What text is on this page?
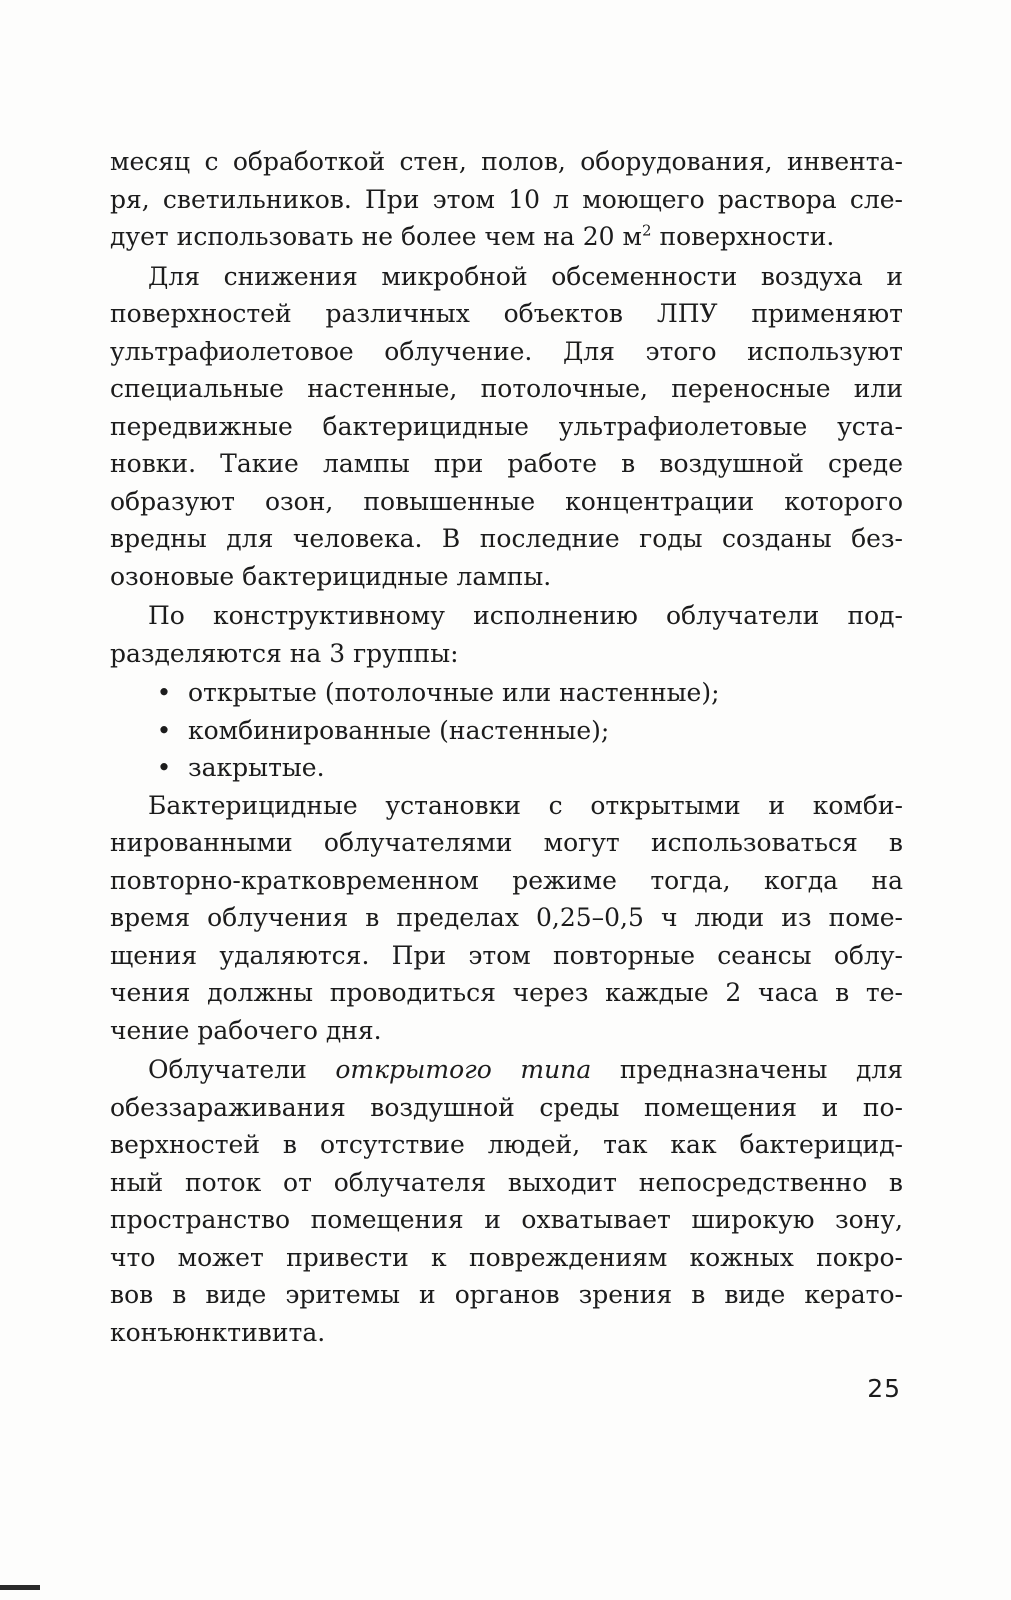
месяц с обработкой стен, полов, оборудования, инвента-
ря, светильников. При этом 10 л моющего раствора сле-
дует использовать не более чем на 20 $м^2$ поверхности.
Для снижения микробной обсеменности воздуха и
поверхностей различных объектов ЛПУ применяют
ультрафиолетовое облучение. Для этого используют
специальные настенные, потолочные, переносные или
передвижные бактерицидные ультрафиолетовые уста-
новки. Такие лампы при работе в воздушной среде
образуют озон, повышенные концентрации которого
вредны для человека. В последние годы созданы без-
озоновые бактерицидные лампы.
По конструктивному исполнению облучатели под-
разделяются на 3 группы:
• открытые (потолочные или настенные);
• комбинированные (настенные);
• закрытые.
Бактерицидные установки с открытыми и комби-
нированными облучателями могут использоваться в
повторно-кратковременном режиме тогда, когда на
время облучения в пределах 0,25–0,5 ч люди из поме-
щения удаляются. При этом повторные сеансы облу-
чения должны проводиться через каждые 2 часа в те-
чение рабочего дня.
Облучатели открытого типа предназначены для
обеззараживания воздушной среды помещения и по-
верхностей в отсутствие людей, так как бактерицид-
ный поток от облучателя выходит непосредственно в
пространство помещения и охватывает широкую зону,
что может привести к повреждениям кожных покро-
вов в виде эритемы и органов зрения в виде керато-
конъюнктивита.
25
